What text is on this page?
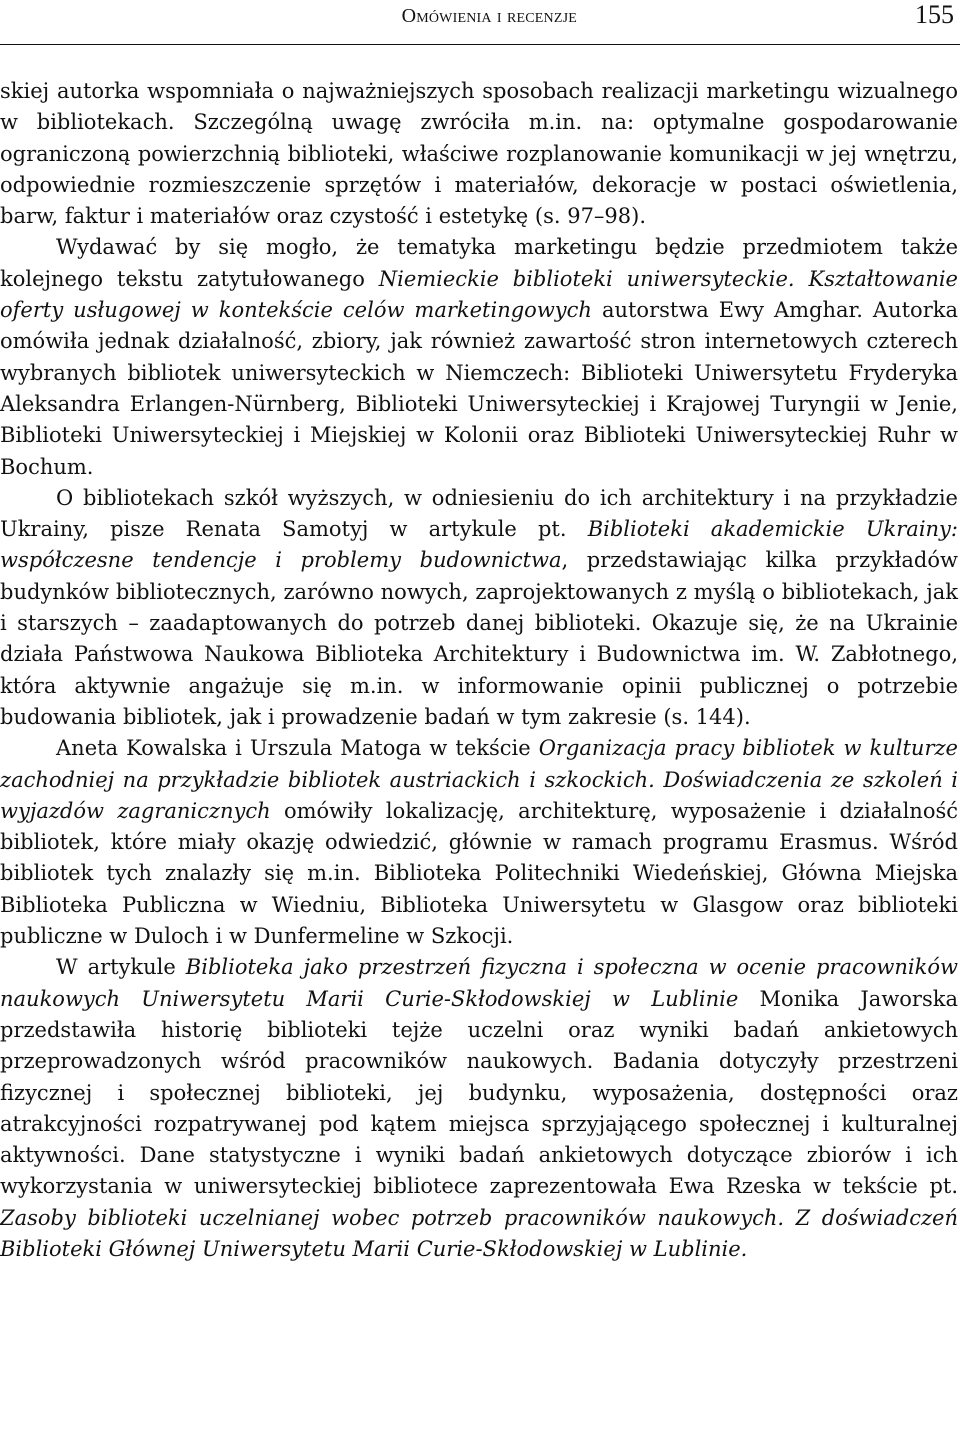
Omówienia i recenzje	155

skiej autorka wspomniała o najważniejszych sposobach realizacji marketingu wizualnego w bibliotekach. Szczególną uwagę zwróciła m.in. na: optymalne gospodarowanie ograniczoną powierzchnią biblioteki, właściwe rozplanowanie komunikacji w jej wnętrzu, odpowiednie rozmieszczenie sprzętów i materiałów, dekoracje w postaci oświetlenia, barw, faktur i materiałów oraz czystość i estetykę (s. 97–98).

Wydawać by się mogło, że tematyka marketingu będzie przedmiotem także kolejnego tekstu zatytułowanego Niemieckie biblioteki uniwersyteckie. Kształtowanie oferty usługowej w kontekście celów marketingowych autorstwa Ewy Amghar. Autorka omówiła jednak działalność, zbiory, jak również zawartość stron internetowych czterech wybranych bibliotek uniwersyteckich w Niemczech: Biblioteki Uniwersytetu Fryderyka Aleksandra Erlangen-Nürnberg, Biblioteki Uniwersyteckiej i Krajowej Turyngii w Jenie, Biblioteki Uniwersyteckiej i Miejskiej w Kolonii oraz Biblioteki Uniwersyteckiej Ruhr w Bochum.

O bibliotekach szkół wyższych, w odniesieniu do ich architektury i na przykładzie Ukrainy, pisze Renata Samotyj w artykule pt. Biblioteki akademickie Ukrainy: współczesne tendencje i problemy budownictwa, przedstawiając kilka przykładów budynków bibliotecznych, zarówno nowych, zaprojektowanych z myślą o bibliotekach, jak i starszych – zaadaptowanych do potrzeb danej biblioteki. Okazuje się, że na Ukrainie działa Państwowa Naukowa Biblioteka Architektury i Budownictwa im. W. Zabłotnego, która aktywnie angażuje się m.in. w informowanie opinii publicznej o potrzebie budowania bibliotek, jak i prowadzenie badań w tym zakresie (s. 144).

Aneta Kowalska i Urszula Matoga w tekście Organizacja pracy bibliotek w kulturze zachodniej na przykładzie bibliotek austriackich i szkockich. Doświadczenia ze szkoleń i wyjazdów zagranicznych omówiły lokalizację, architekturę, wyposażenie i działalność bibliotek, które miały okazję odwiedzić, głównie w ramach programu Erasmus. Wśród bibliotek tych znalazły się m.in. Biblioteka Politechniki Wiedeńskiej, Główna Miejska Biblioteka Publiczna w Wiedniu, Biblioteka Uniwersytetu w Glasgow oraz biblioteki publiczne w Duloch i w Dunfermeline w Szkocji.

W artykule Biblioteka jako przestrzeń fizyczna i społeczna w ocenie pracowników naukowych Uniwersytetu Marii Curie-Skłodowskiej w Lublinie Monika Jaworska przedstawiła historię biblioteki tejże uczelni oraz wyniki badań ankietowych przeprowadzonych wśród pracowników naukowych. Badania dotyczyły przestrzeni fizycznej i społecznej biblioteki, jej budynku, wyposażenia, dostępności oraz atrakcyjności rozpatrywanej pod kątem miejsca sprzyjającego społecznej i kulturalnej aktywności. Dane statystyczne i wyniki badań ankietowych dotyczące zbiorów i ich wykorzystania w uniwersyteckiej bibliotece zaprezentowała Ewa Rzeska w tekście pt. Zasoby biblioteki uczelnianej wobec potrzeb pracowników naukowych. Z doświadczeń Biblioteki Głównej Uniwersytetu Marii Curie-Skłodowskiej w Lublinie.
